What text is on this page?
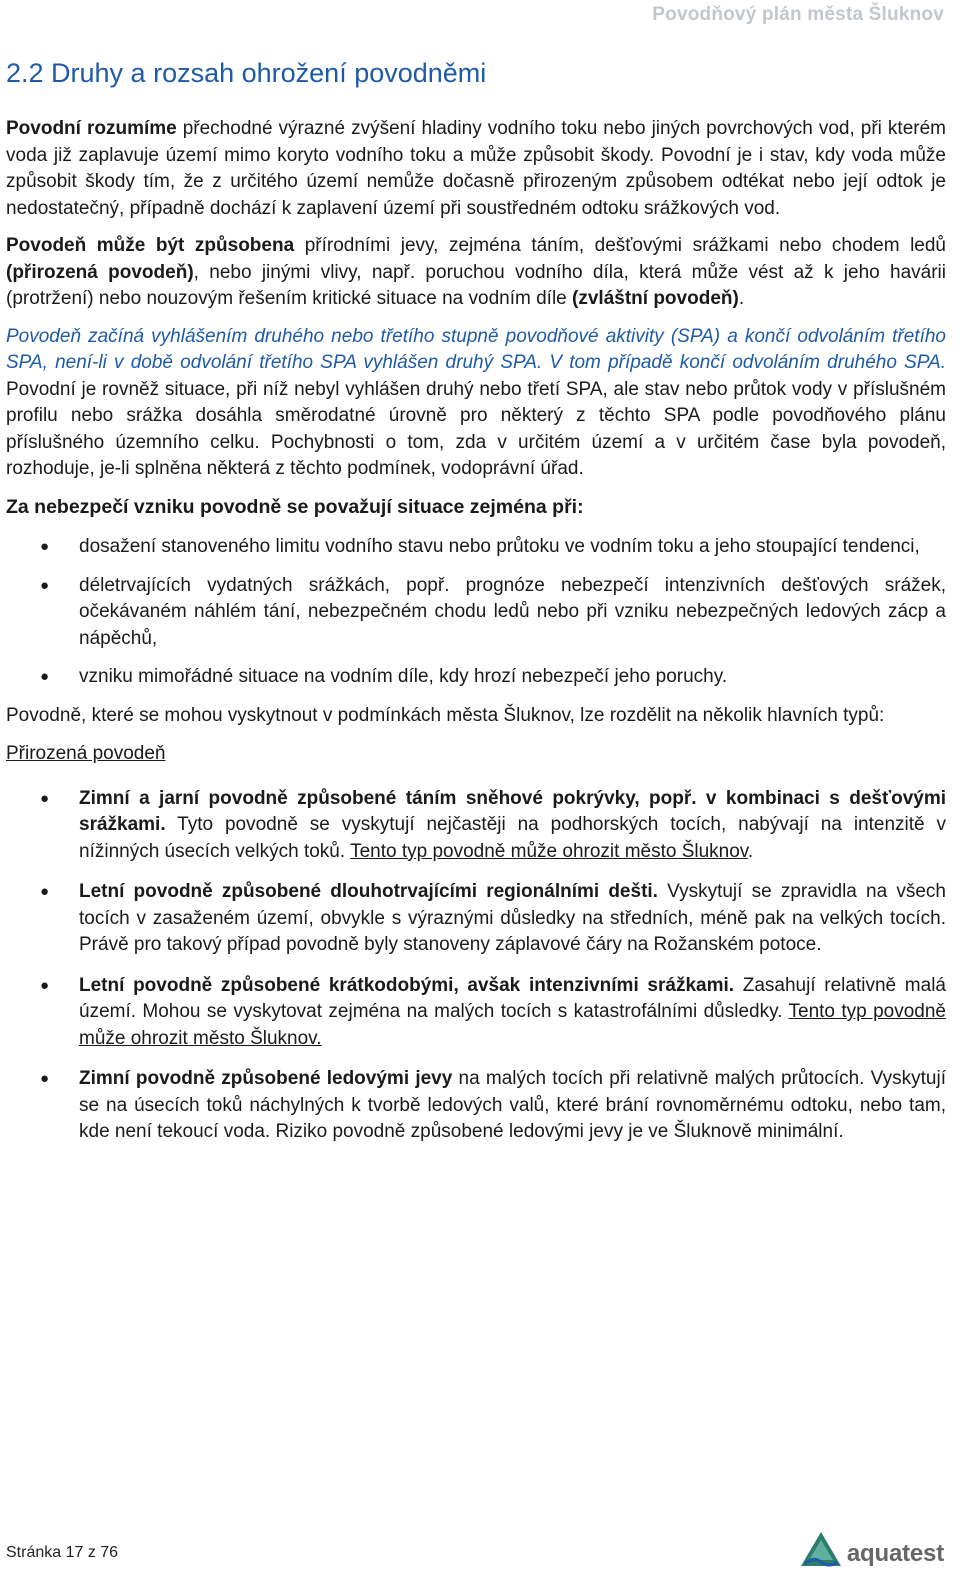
Povodňový plán města Šluknov
2.2 Druhy a rozsah ohrožení povodněmi

Povodní rozumíme přechodné výrazné zvýšení hladiny vodního toku nebo jiných povrchových vod, při kterém voda již zaplavuje území mimo koryto vodního toku a může způsobit škody. Povodní je i stav, kdy voda může způsobit škody tím, že z určitého území nemůže dočasně přirozeným způsobem odtékat nebo její odtok je nedostatečný, případně dochází k zaplavení území při soustředném odtoku srážkových vod.

Povodeň může být způsobena přírodními jevy, zejména táním, dešťovými srážkami nebo chodem ledů (přirozená povodeň), nebo jinými vlivy, např. poruchou vodního díla, která může vést až k jeho havárii (protržení) nebo nouzovým řešením kritické situace na vodním díle (zvláštní povodeň).

Povodeň začíná vyhlášením druhého nebo třetího stupně povodňové aktivity (SPA) a končí odvoláním třetího SPA, není-li v době odvolání třetího SPA vyhlášen druhý SPA. V tom případě končí odvoláním druhého SPA. Povodní je rovněž situace, při níž nebyl vyhlášen druhý nebo třetí SPA, ale stav nebo průtok vody v příslušném profilu nebo srážka dosáhla směrodatné úrovně pro některý z těchto SPA podle povodňového plánu příslušného územního celku. Pochybnosti o tom, zda v určitém území a v určitém čase byla povodeň, rozhoduje, je-li splněna některá z těchto podmínek, vodoprávní úřad.

Za nebezpečí vzniku povodně se považují situace zejména při:
● dosažení stanoveného limitu vodního stavu nebo průtoku ve vodním toku a jeho stoupající tendenci,
● déletrvajících vydatných srážkách, popř. prognóze nebezpečí intenzivních dešťových srážek, očekávaném náhlém tání, nebezpečném chodu ledů nebo při vzniku nebezpečných ledových zácp a nápěchů,
● vzniku mimořádné situace na vodním díle, kdy hrozí nebezpečí jeho poruchy.

Povodně, které se mohou vyskytnout v podmínkách města Šluknov, lze rozdělit na několik hlavních typů:

Přirozená povodeň
● Zimní a jarní povodně způsobené táním sněhové pokrývky, popř. v kombinaci s dešťovými srážkami. Tyto povodně se vyskytují nejčastěji na podhorských tocích, nabývají na intenzitě v nížinných úsecích velkých toků. Tento typ povodně může ohrozit město Šluknov.
● Letní povodně způsobené dlouhotrvajícími regionálními dešti. Vyskytují se zpravidla na všech tocích v zasaženém území, obvykle s výraznými důsledky na středních, méně pak na velkých tocích. Právě pro takový případ povodně byly stanoveny záplavové čáry na Rožanském potoce.
● Letní povodně způsobené krátkodobými, avšak intenzivními srážkami. Zasahují relativně malá území. Mohou se vyskytovat zejména na malých tocích s katastrofálními důsledky. Tento typ povodně může ohrozit město Šluknov.
● Zimní povodně způsobené ledovými jevy na malých tocích při relativně malých průtocích. Vyskytují se na úsecích toků náchylných k tvorbě ledových valů, které brání rovnoměrnému odtoku, nebo tam, kde není tekoucí voda. Riziko povodně způsobené ledovými jevy je ve Šluknově minimální.
Stránka 17 z 76	aquatest
